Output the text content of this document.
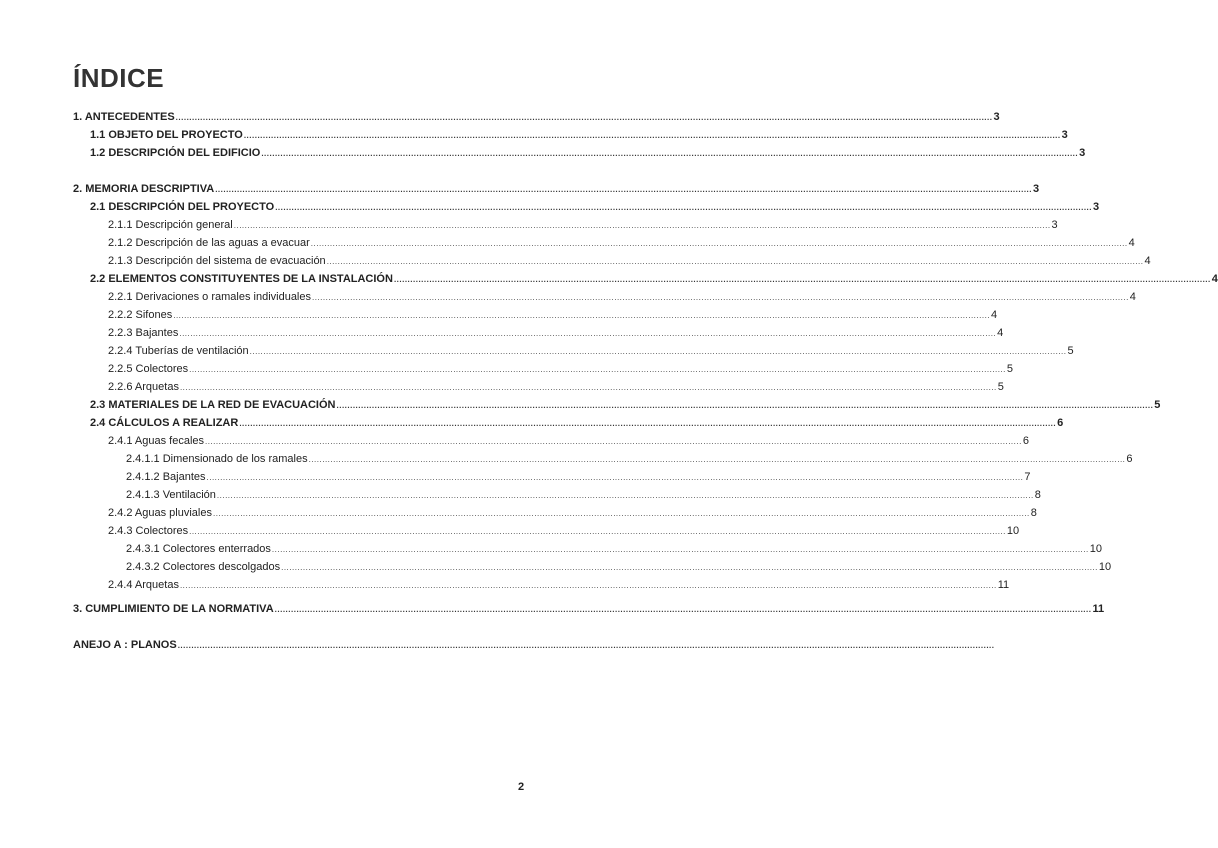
ÍNDICE
1. ANTECEDENTES ............................................................................................................................................................................................................................................................................................................ 3
1.1 OBJETO DEL PROYECTO ............................................................................................................................................................................................................................................................................................................ 3
1.2 DESCRIPCIÓN DEL EDIFICIO ............................................................................................................................................................................................................................................................................................................ 3
2. MEMORIA DESCRIPTIVA ............................................................................................................................................................................................................................................................................................................ 3
2.1 DESCRIPCIÓN DEL PROYECTO ............................................................................................................................................................................................................................................................................................................ 3
2.1.1 Descripción general ............................................................................................................................................................................................................................................................................................................ 3
2.1.2 Descripción de las aguas a evacuar ............................................................................................................................................................................................................................................................................................................ 4
2.1.3 Descripción del sistema de evacuación ............................................................................................................................................................................................................................................................................................................ 4
2.2 ELEMENTOS CONSTITUYENTES DE LA INSTALACIÓN ............................................................................................................................................................................................................................................................................................................ 4
2.2.1 Derivaciones o ramales individuales ............................................................................................................................................................................................................................................................................................................ 4
2.2.2 Sifones ............................................................................................................................................................................................................................................................................................................ 4
2.2.3 Bajantes ............................................................................................................................................................................................................................................................................................................ 4
2.2.4 Tuberías de ventilación ............................................................................................................................................................................................................................................................................................................ 5
2.2.5 Colectores ............................................................................................................................................................................................................................................................................................................ 5
2.2.6 Arquetas ............................................................................................................................................................................................................................................................................................................ 5
2.3 MATERIALES DE LA RED DE EVACUACIÓN ............................................................................................................................................................................................................................................................................................................ 5
2.4 CÁLCULOS A REALIZAR ............................................................................................................................................................................................................................................................................................................ 6
2.4.1 Aguas fecales ............................................................................................................................................................................................................................................................................................................ 6
2.4.1.1 Dimensionado de los ramales ............................................................................................................................................................................................................................................................................................................ 6
2.4.1.2 Bajantes ............................................................................................................................................................................................................................................................................................................ 7
2.4.1.3 Ventilación ............................................................................................................................................................................................................................................................................................................ 8
2.4.2 Aguas pluviales ............................................................................................................................................................................................................................................................................................................ 8
2.4.3 Colectores ............................................................................................................................................................................................................................................................................................................ 10
2.4.3.1 Colectores enterrados ............................................................................................................................................................................................................................................................................................................ 10
2.4.3.2 Colectores descolgados ............................................................................................................................................................................................................................................................................................................ 10
2.4.4 Arquetas ............................................................................................................................................................................................................................................................................................................ 11
3. CUMPLIMIENTO DE LA NORMATIVA ............................................................................................................................................................................................................................................................................................................ 11
ANEJO A : PLANOS ............................................................................................................................................................................................................................................................................................................
2
